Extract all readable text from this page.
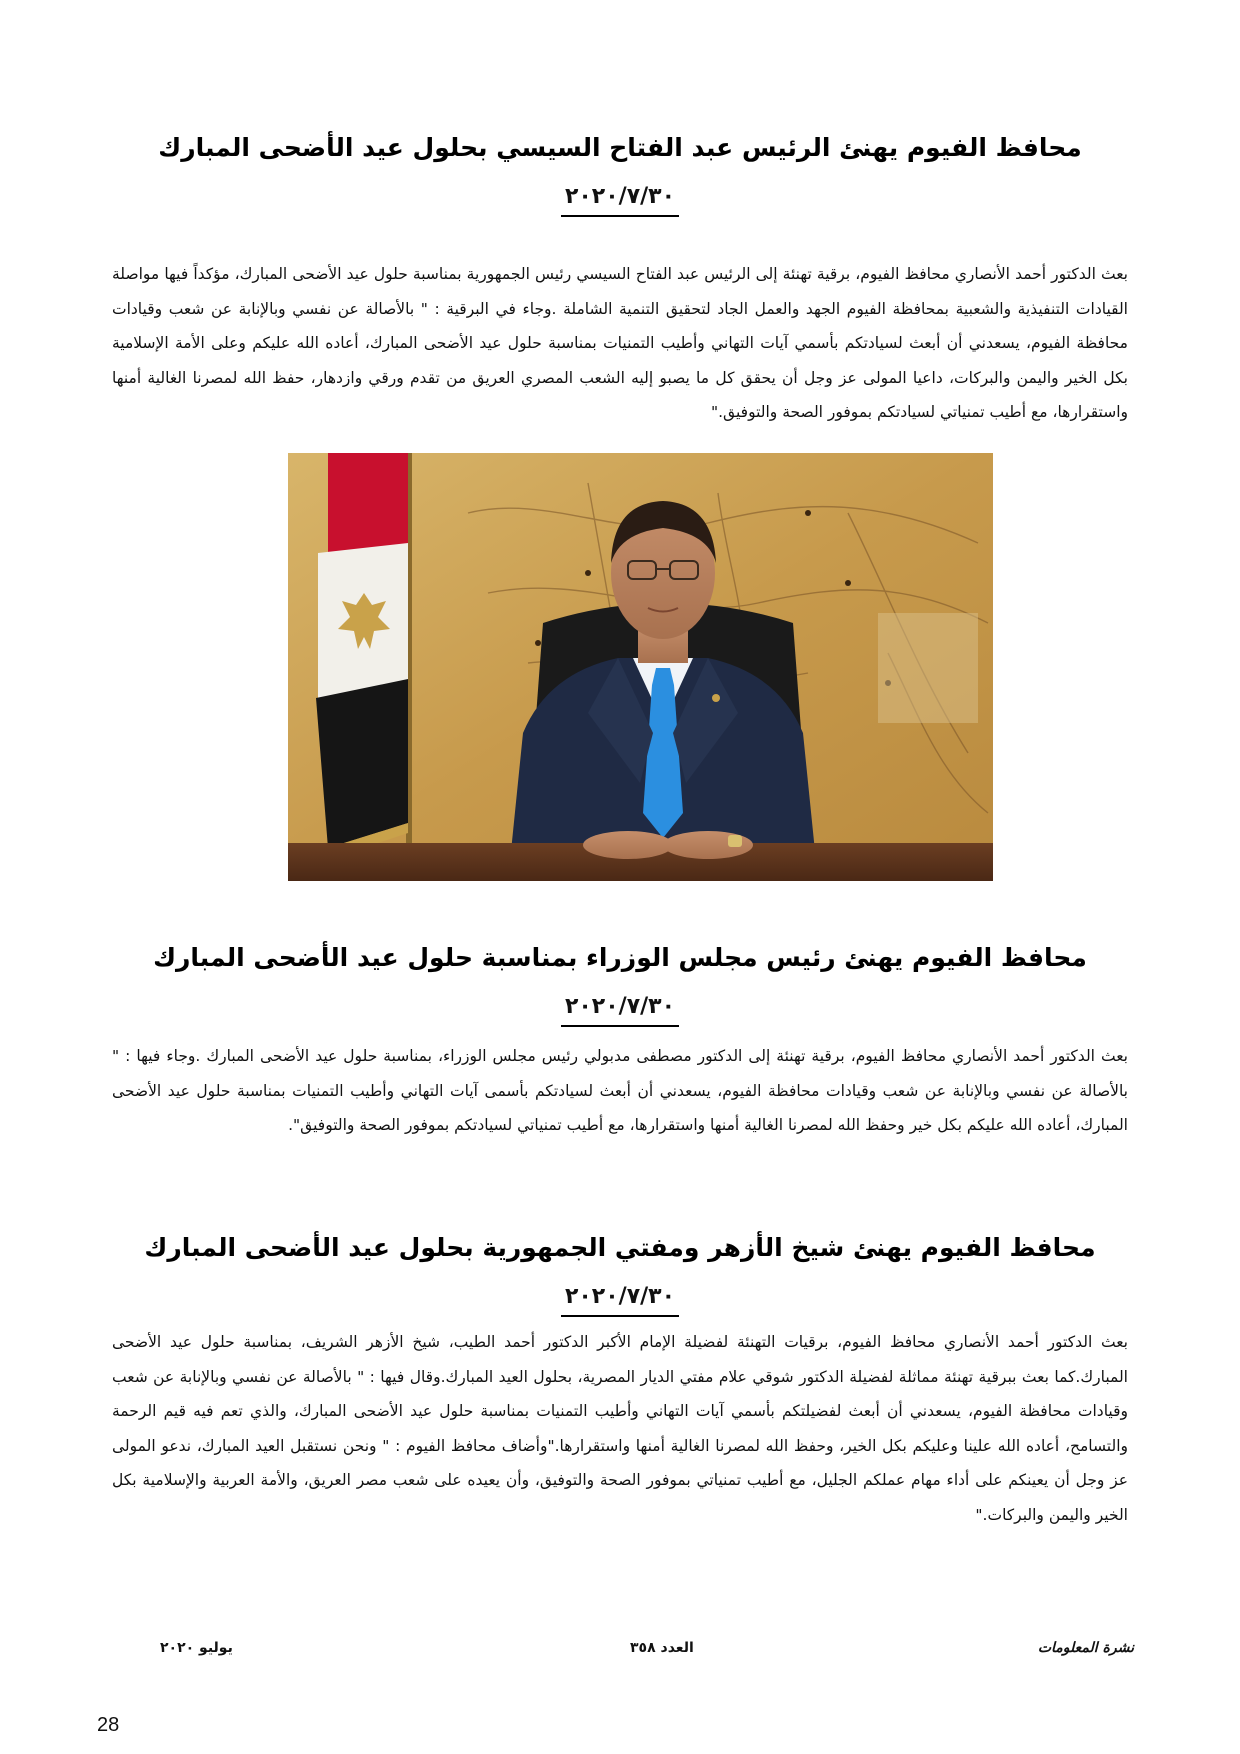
محافظ الفيوم يهنئ الرئيس عبد الفتاح السيسي بحلول عيد الأضحى المبارك
٢٠٢٠/٧/٣٠

بعث الدكتور أحمد الأنصاري محافظ الفيوم، برقية تهنئة إلى الرئيس عبد الفتاح السيسي رئيس الجمهورية بمناسبة حلول عيد الأضحى المبارك، مؤكداً فيها مواصلة القيادات التنفيذية والشعبية بمحافظة الفيوم الجهد والعمل الجاد لتحقيق التنمية الشاملة .وجاء في البرقية : " بالأصالة عن نفسي وبالإنابة عن شعب وقيادات محافظة الفيوم، يسعدني أن أبعث لسيادتكم بأسمي آيات التهاني وأطيب التمنيات بمناسبة حلول عيد الأضحى المبارك، أعاده الله عليكم وعلى الأمة الإسلامية بكل الخير واليمن والبركات، داعيا المولى عز وجل أن يحقق كل ما يصبو إليه الشعب المصري العريق من تقدم ورقي وازدهار، حفظ الله لمصرنا الغالية أمنها واستقرارها، مع أطيب تمنياتي لسيادتكم بموفور الصحة والتوفيق."

محافظ الفيوم يهنئ رئيس مجلس الوزراء بمناسبة حلول عيد الأضحى المبارك
٢٠٢٠/٧/٣٠

بعث الدكتور أحمد الأنصاري محافظ الفيوم، برقية تهنئة إلى الدكتور مصطفى مدبولي رئيس مجلس الوزراء، بمناسبة حلول عيد الأضحى المبارك .وجاء فيها : " بالأصالة عن نفسي وبالإنابة عن شعب وقيادات محافظة الفيوم، يسعدني أن أبعث لسيادتكم بأسمى آيات التهاني وأطيب التمنيات بمناسبة حلول عيد الأضحى المبارك، أعاده الله عليكم بكل خير وحفظ الله لمصرنا الغالية أمنها واستقرارها، مع أطيب تمنياتي لسيادتكم بموفور الصحة والتوفيق".

محافظ الفيوم يهنئ شيخ الأزهر ومفتي الجمهورية بحلول عيد الأضحى المبارك
٢٠٢٠/٧/٣٠

بعث الدكتور أحمد الأنصاري محافظ الفيوم، برقيات التهنئة لفضيلة الإمام الأكبر الدكتور أحمد الطيب، شيخ الأزهر الشريف، بمناسبة حلول عيد الأضحى المبارك.كما بعث ببرقية تهنئة مماثلة لفضيلة الدكتور شوقي علام مفتي الديار المصرية، بحلول العيد المبارك.وقال فيها : " بالأصالة عن نفسي وبالإنابة عن شعب وقيادات محافظة الفيوم، يسعدني أن أبعث لفضيلتكم بأسمي آيات التهاني وأطيب التمنيات بمناسبة حلول عيد الأضحى المبارك، والذي تعم فيه قيم الرحمة والتسامح، أعاده الله علينا وعليكم بكل الخير، وحفظ الله لمصرنا الغالية أمنها واستقرارها."وأضاف محافظ الفيوم : " ونحن نستقبل العيد المبارك، ندعو المولى عز وجل أن يعينكم على أداء مهام عملكم الجليل، مع أطيب تمنياتي بموفور الصحة والتوفيق، وأن يعيده على شعب مصر العريق، والأمة العربية والإسلامية بكل الخير واليمن والبركات."

نشرة المعلومات
العدد ٣٥٨
يوليو ٢٠٢٠
28
